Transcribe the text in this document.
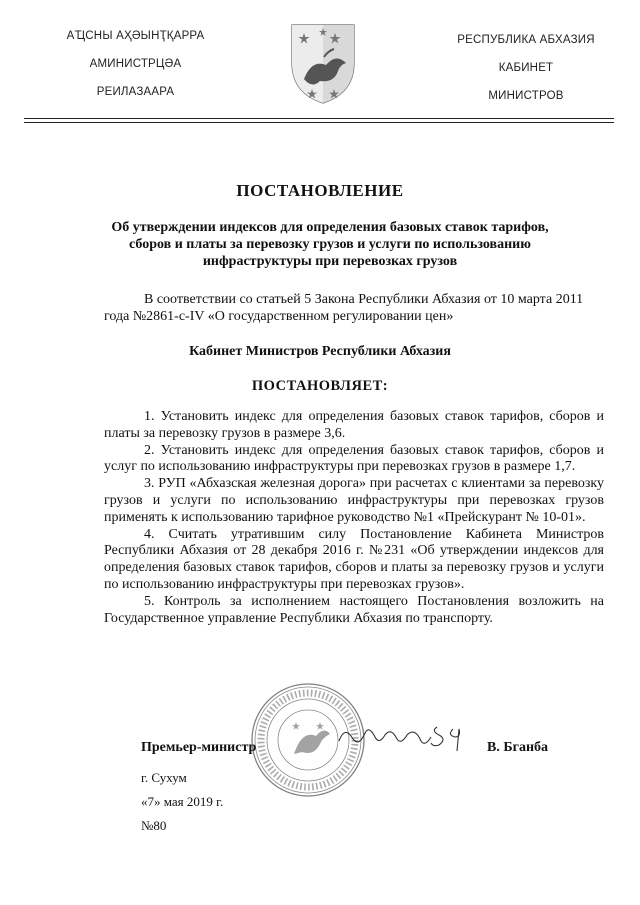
АҴСНЫ АҲӘЫНҬҚАРРА
АМИНИСТРЦӘА
РЕИЛАЗААРА
РЕСПУБЛИКА АБХАЗИЯ
КАБИНЕТ
МИНИСТРОВ
ПОСТАНОВЛЕНИЕ
Об утверждении индексов для определения базовых ставок тарифов, сборов и платы за перевозку грузов и услуги по использованию инфраструктуры при перевозках грузов
В соответствии со статьей 5 Закона Республики Абхазия от 10 марта 2011 года №2861-с-IV «О государственном регулировании цен»
Кабинет Министров Республики Абхазия
ПОСТАНОВЛЯЕТ:

1. Установить индекс для определения базовых ставок тарифов, сборов и платы за перевозку грузов в размере 3,6.

2. Установить индекс для определения базовых ставок тарифов, сборов и услуг по использованию инфраструктуры при перевозках грузов в размере 1,7.

3. РУП «Абхазская железная дорога» при расчетах с клиентами за перевозку грузов и услуги по использованию инфраструктуры при перевозках грузов применять к использованию тарифное руководство №1 «Прейскурант № 10-01».

4. Считать утратившим силу Постановление Кабинета Министров Республики Абхазия от 28 декабря 2016 г. №231 «Об утверждении индексов для определения базовых ставок тарифов, сборов и платы за перевозку грузов и услуги по использованию инфраструктуры при перевозках грузов».

5. Контроль за исполнением настоящего Постановления возложить на Государственное управление Республики Абхазия по транспорту.

Премьер-министр	В. Бганба
г. Сухум
«7» мая 2019 г.
№80
